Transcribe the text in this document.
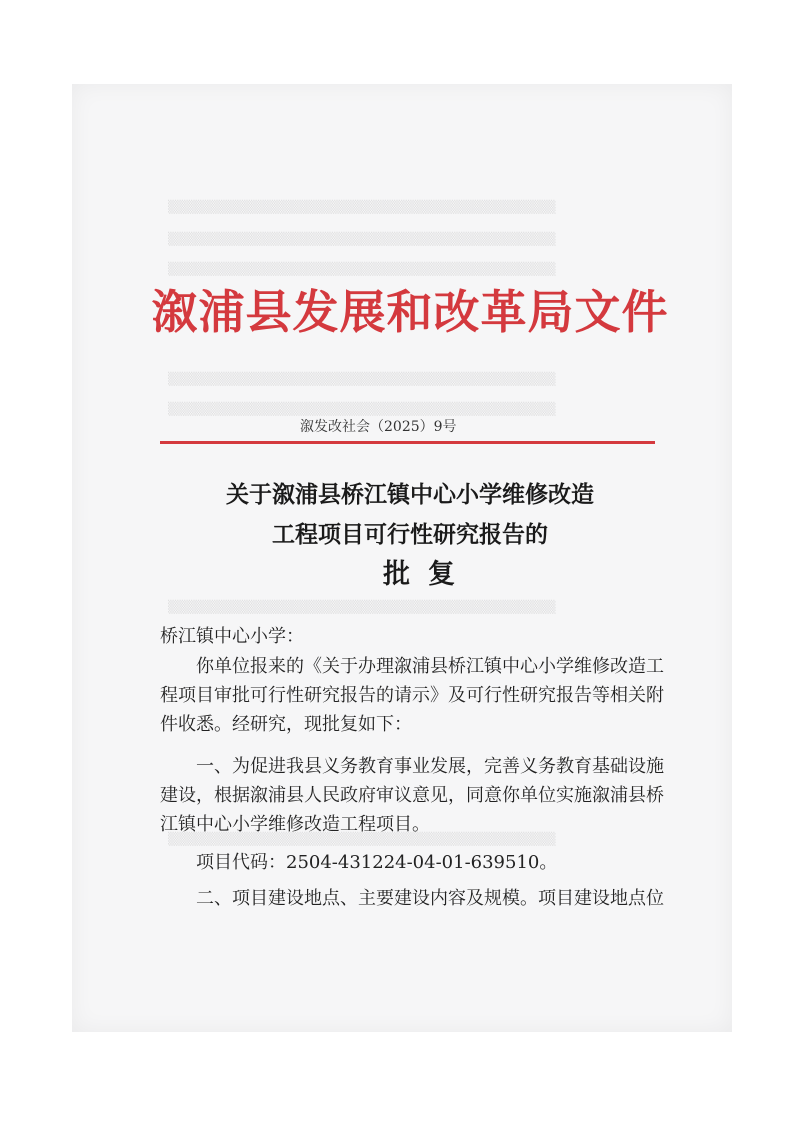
▒▒▒▒▒▒▒▒▒▒▒▒▒▒▒▒▒▒▒▒▒▒▒▒▒▒▒▒▒▒▒▒▒▒▒▒▒▒▒▒▒▒
▒▒▒▒▒▒▒▒▒▒▒▒▒▒▒▒▒▒▒▒▒▒▒▒▒▒▒▒▒▒▒▒▒▒▒▒▒▒▒▒▒▒
▒▒▒▒▒▒▒▒▒▒▒▒▒▒▒▒▒▒▒▒▒▒▒▒▒▒▒▒▒▒▒▒▒▒▒▒▒▒▒▒▒▒
▒▒▒▒▒▒▒▒▒▒▒▒▒▒▒▒▒▒▒▒▒▒▒▒▒▒▒▒▒▒▒▒▒▒▒▒▒▒▒▒▒▒
▒▒▒▒▒▒▒▒▒▒▒▒▒▒▒▒▒▒▒▒▒▒▒▒▒▒▒▒▒▒▒▒▒▒▒▒▒▒▒▒▒▒
▒▒▒▒▒▒▒▒▒▒▒▒▒▒▒▒▒▒▒▒▒▒▒▒▒▒▒▒▒▒▒▒▒▒▒▒▒▒▒▒▒▒
▒▒▒▒▒▒▒▒▒▒▒▒▒▒▒▒▒▒▒▒▒▒▒▒▒▒▒▒▒▒▒▒▒▒▒▒▒▒▒▒▒▒
溆浦县发展和改革局文件
溆发改社会（2025）9号
关于溆浦县桥江镇中心小学维修改造
工程项目可行性研究报告的
批复
桥江镇中心小学：
你单位报来的《关于办理溆浦县桥江镇中心小学维修改造工
程项目审批可行性研究报告的请示》及可行性研究报告等相关附
件收悉。经研究，现批复如下：
一、为促进我县义务教育事业发展，完善义务教育基础设施
建设，根据溆浦县人民政府审议意见，同意你单位实施溆浦县桥
江镇中心小学维修改造工程项目。
项目代码：2504-431224-04-01-639510。
二、项目建设地点、主要建设内容及规模。项目建设地点位
